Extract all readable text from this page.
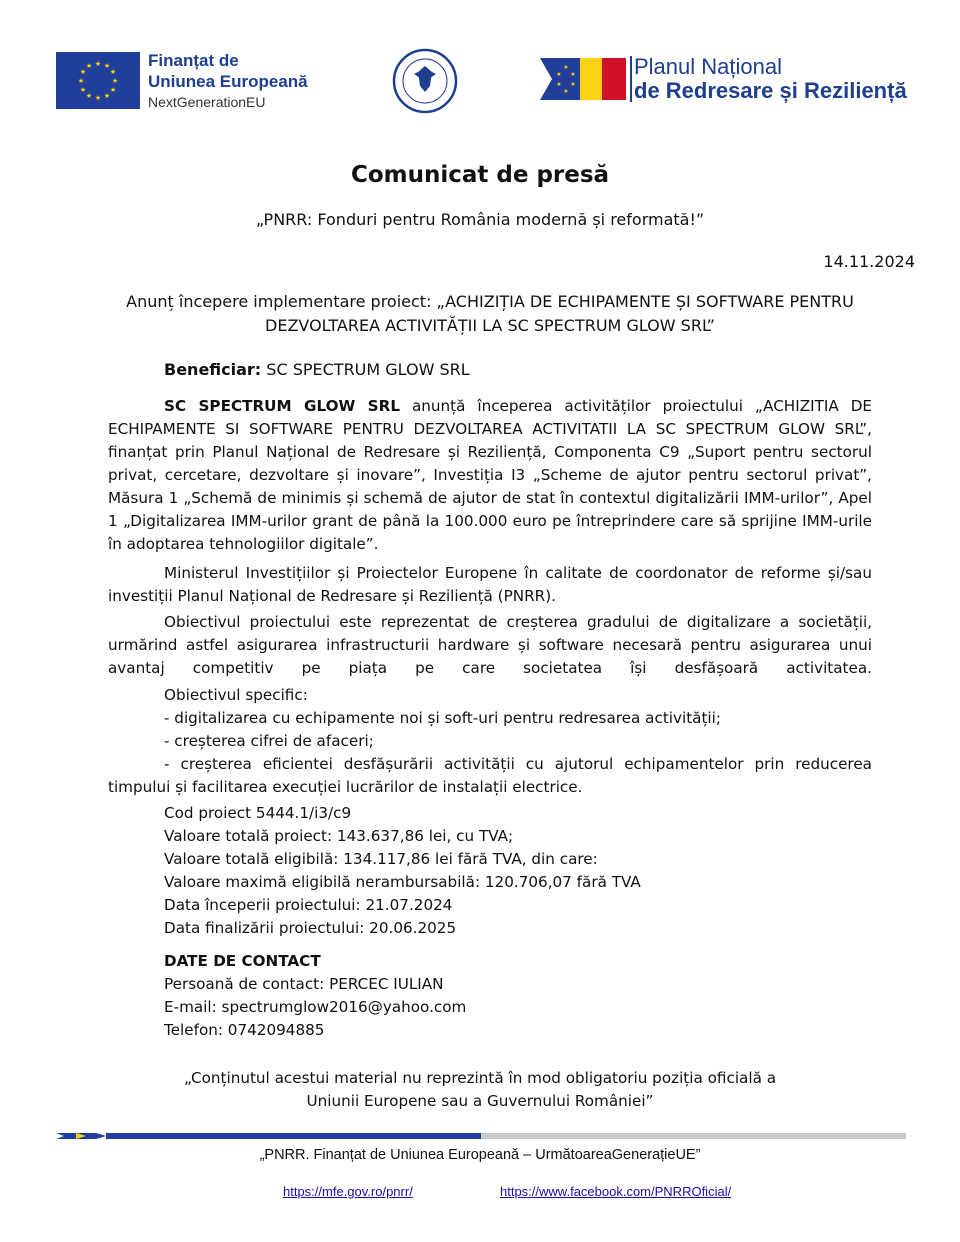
★ ★
★
★
★
★
★
★
★
★
★
★	Finanțat de
Uniunea Europeană
NextGenerationEU
★
★
★
★
★
★	Planul Național
de Redresare și Reziliență
Comunicat de presă
„PNRR: Fonduri pentru România modernă și reformată!”
14.11.2024
Anunț începere implementare proiect: „ACHIZIȚIA DE ECHIPAMENTE ȘI SOFTWARE PENTRU DEZVOLTAREA ACTIVITĂȚII LA SC SPECTRUM GLOW SRL”
Beneficiar: SC SPECTRUM GLOW SRL

SC SPECTRUM GLOW SRL anunță începerea activităților proiectului „ACHIZITIA DE ECHIPAMENTE SI SOFTWARE PENTRU DEZVOLTAREA ACTIVITATII LA SC SPECTRUM GLOW SRL”, finanțat prin Planul Național de Redresare și Reziliență, Componenta C9 „Suport pentru sectorul privat, cercetare, dezvoltare și inovare”, Investiția I3 „Scheme de ajutor pentru sectorul privat”, Măsura 1 „Schemă de minimis și schemă de ajutor de stat în contextul digitalizării IMM-urilor”, Apel 1 „Digitalizarea IMM-urilor grant de până la 100.000 euro pe întreprindere care să sprijine IMM-urile în adoptarea tehnologiilor digitale”.

Ministerul Investițiilor și Proiectelor Europene în calitate de coordonator de reforme și/sau investiții Planul Național de Redresare și Reziliență (PNRR).

Obiectivul proiectului este reprezentat de creșterea gradului de digitalizare a societății, urmărind astfel asigurarea infrastructurii hardware și software necesară pentru asigurarea unui avantaj competitiv pe piața pe care societatea își desfășoară activitatea.

Obiectivul specific:
- digitalizarea cu echipamente noi și soft-uri pentru redresarea activității;
- creșterea cifrei de afaceri;
- creșterea eficientei desfășurării activității cu ajutorul echipamentelor prin reducerea timpului și facilitarea execuției lucrărilor de instalații electrice.
Cod proiect 5444.1/i3/c9
Valoare totală proiect: 143.637,86 lei, cu TVA;
Valoare totală eligibilă: 134.117,86 lei fără TVA, din care:
Valoare maximă eligibilă nerambursabilă: 120.706,07 fără TVA
Data începerii proiectului: 21.07.2024
Data finalizării proiectului: 20.06.2025
DATE DE CONTACT
Persoană de contact: PERCEC IULIAN
E-mail: spectrumglow2016@yahoo.com
Telefon: 0742094885
„Conținutul acestui material nu reprezintă în mod obligatoriu poziția oficială a Uniunii Europene sau a Guvernului României”
„PNRR. Finanțat de Uniunea Europeană – UrmătoareaGenerațieUE”
https://mfe.gov.ro/pnrr/	https://www.facebook.com/PNRROficial/
